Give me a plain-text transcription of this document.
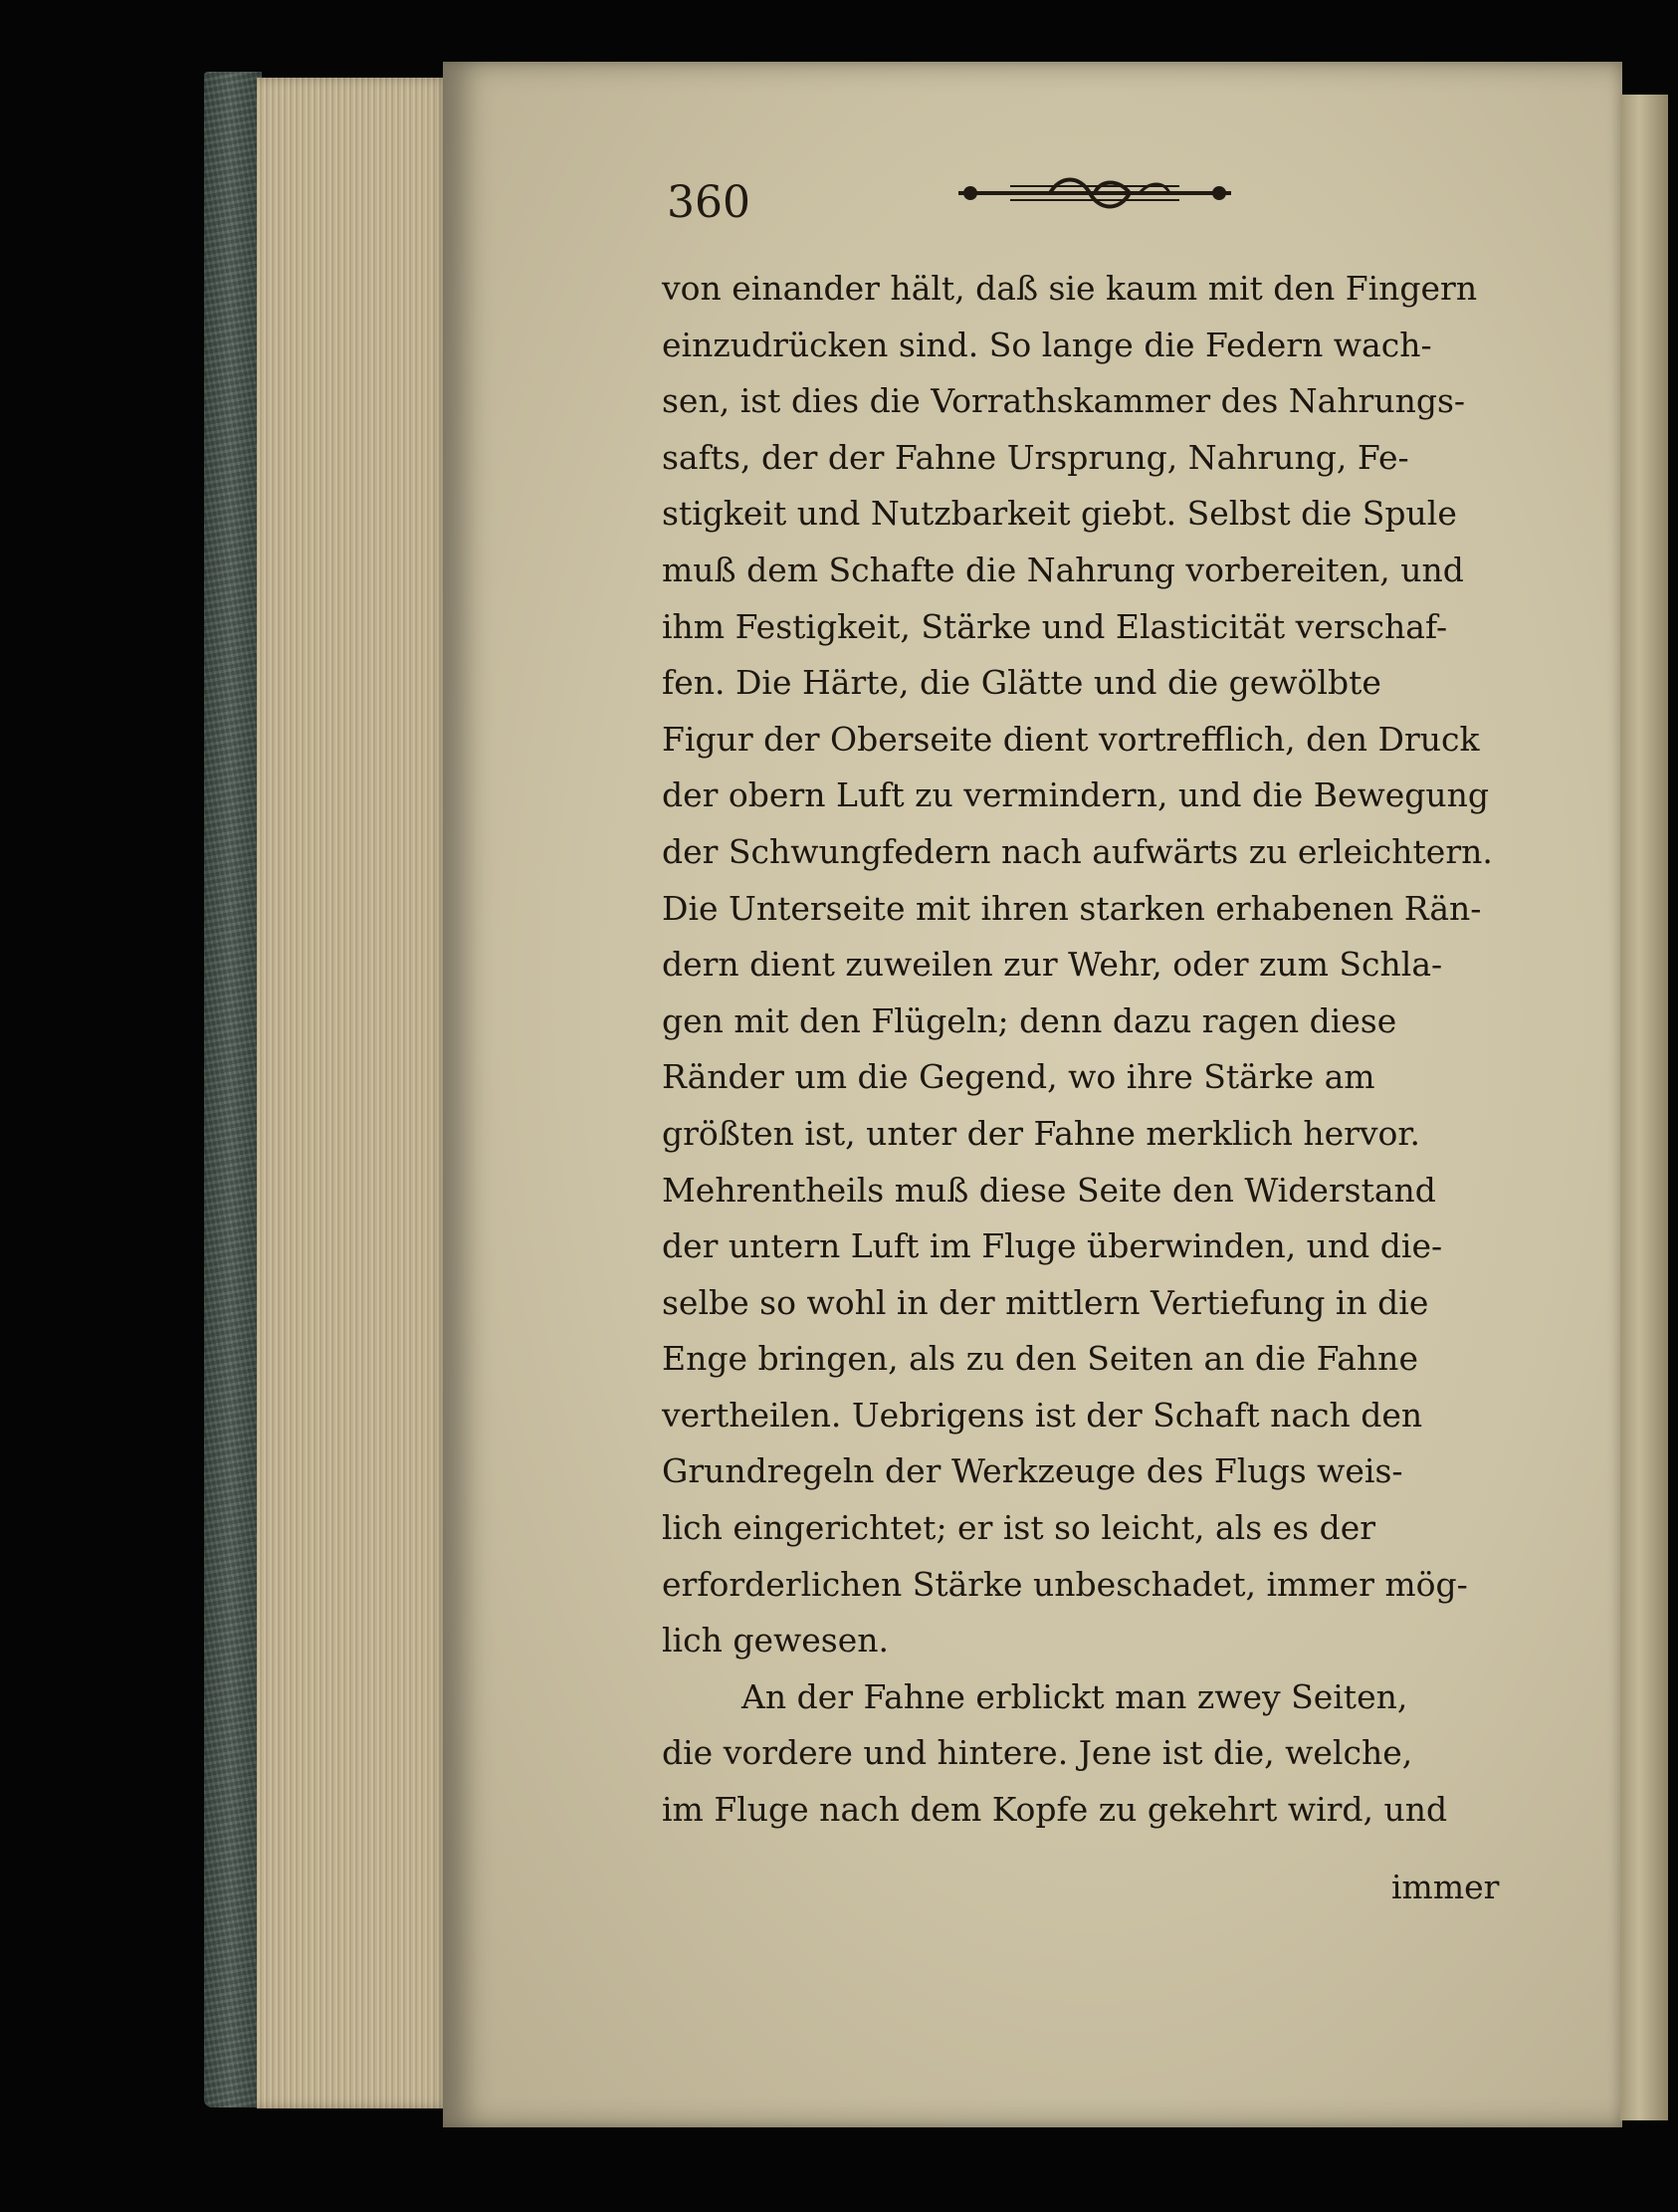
360
von einander hält, daß sie kaum mit den Fingern
einzudrücken sind. So lange die Federn wach-
sen, ist dies die Vorrathskammer des Nahrungs-
safts, der der Fahne Ursprung, Nahrung, Fe-
stigkeit und Nutzbarkeit giebt. Selbst die Spule
muß dem Schafte die Nahrung vorbereiten, und
ihm Festigkeit, Stärke und Elasticität verschaf-
fen. Die Härte, die Glätte und die gewölbte
Figur der Oberseite dient vortrefflich, den Druck
der obern Luft zu vermindern, und die Bewegung
der Schwungfedern nach aufwärts zu erleichtern.
Die Unterseite mit ihren starken erhabenen Rän-
dern dient zuweilen zur Wehr, oder zum Schla-
gen mit den Flügeln; denn dazu ragen diese
Ränder um die Gegend, wo ihre Stärke am
größten ist, unter der Fahne merklich hervor.
Mehrentheils muß diese Seite den Widerstand
der untern Luft im Fluge überwinden, und die-
selbe so wohl in der mittlern Vertiefung in die
Enge bringen, als zu den Seiten an die Fahne
vertheilen. Uebrigens ist der Schaft nach den
Grundregeln der Werkzeuge des Flugs weis-
lich eingerichtet; er ist so leicht, als es der
erforderlichen Stärke unbeschadet, immer mög-
lich gewesen.
An der Fahne erblickt man zwey Seiten,
die vordere und hintere. Jene ist die, welche,
im Fluge nach dem Kopfe zu gekehrt wird, und
immer
